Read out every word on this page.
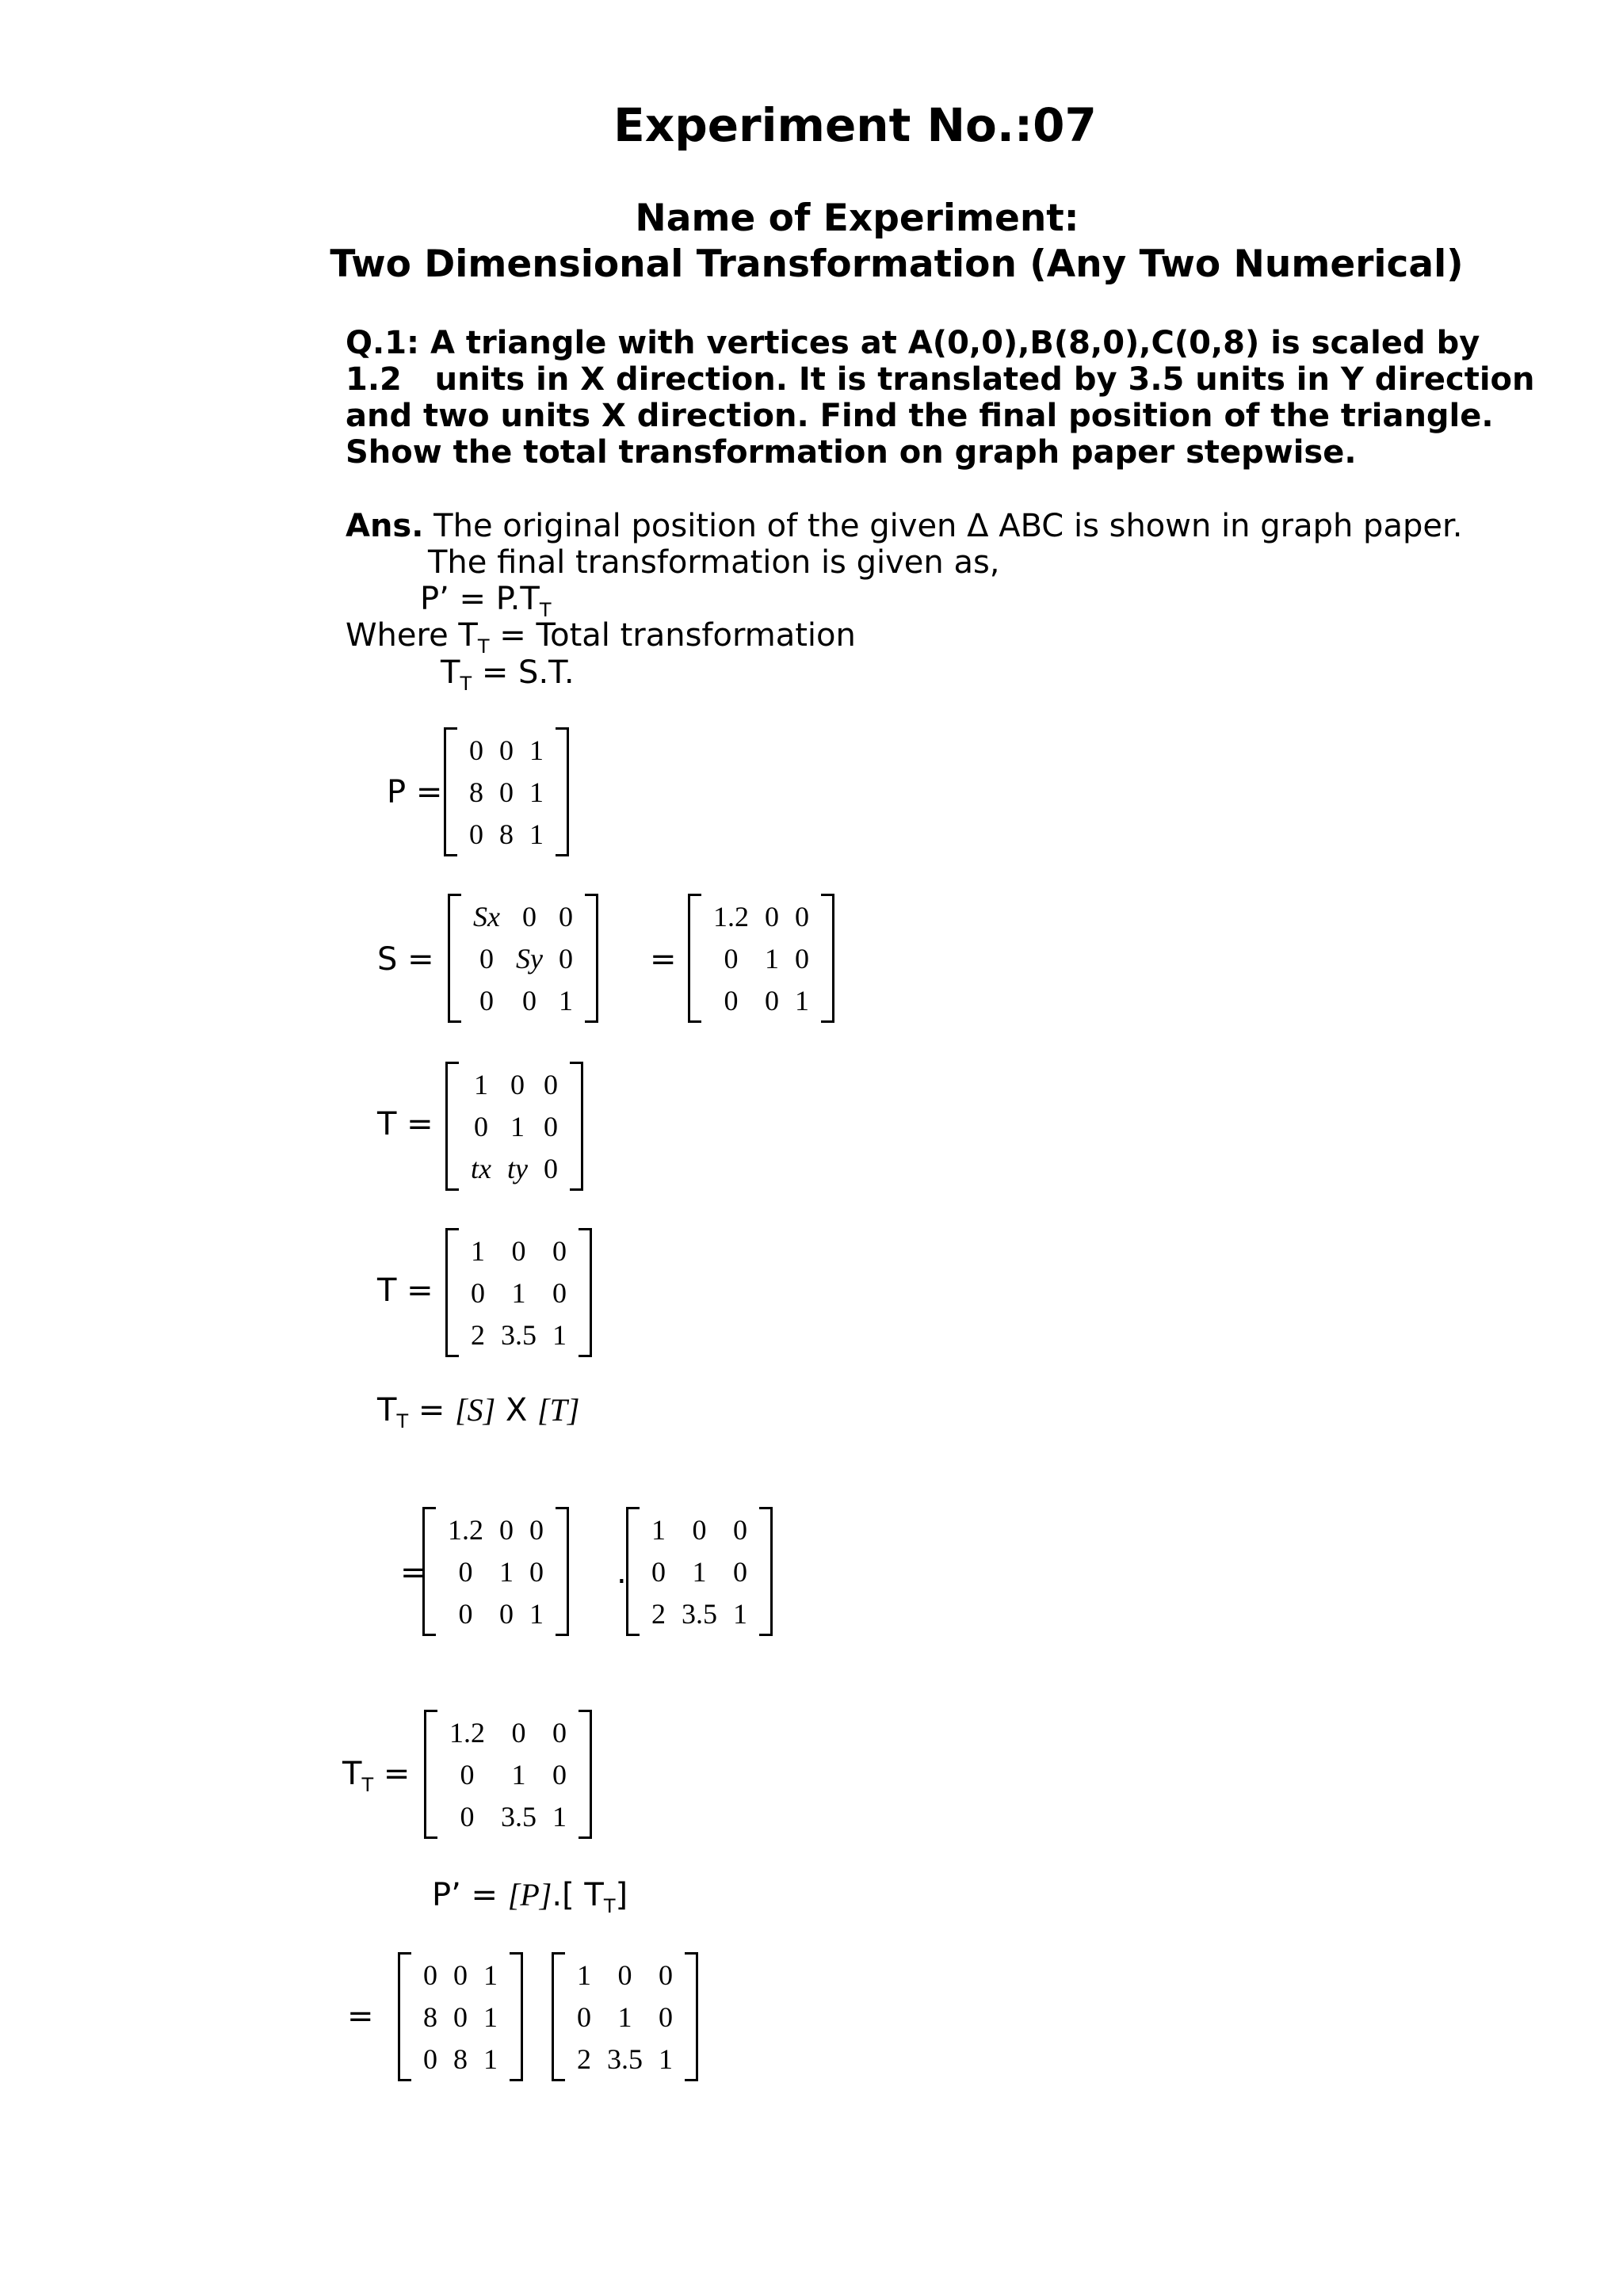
Experiment No.:07
Name of Experiment:
Two Dimensional Transformation (Any Two Numerical)
Q.1: A triangle with vertices at A(0,0),B(8,0),C(0,8) is scaled by
1.2   units in X direction. It is translated by 3.5 units in Y direction
and two units X direction. Find the final position of the triangle.
Show the total transformation on graph paper stepwise.
Ans. The original position of the given Δ ABC is shown in graph paper.
The final transformation is given as,
P’ = $P.T_T$
Where $T_T$ = Total transformation
$T_T = S.T$.
P =
0	0	1
8	0	1
0	8	1
S =
Sx	0	0
0	Sy	0
0	0	1
=
1.2	0	0
0	1	0
0	0	1
T =
1	0	0
0	1	0
tx	ty	0
T =
1	0	0
0	1	0
2	3.5	1
$T_T = [S]$ X [T]
=
1.2	0	0
0	1	0
0	0	1
.
1	0	0
0	1	0
2	3.5	1
$T_T$ =
1.2	0	0
0	1	0
0	3.5	1
P’ = [P].[ $T_T$]
=
0	0	1
8	0	1
0	8	1
1	0	0
0	1	0
2	3.5	1
